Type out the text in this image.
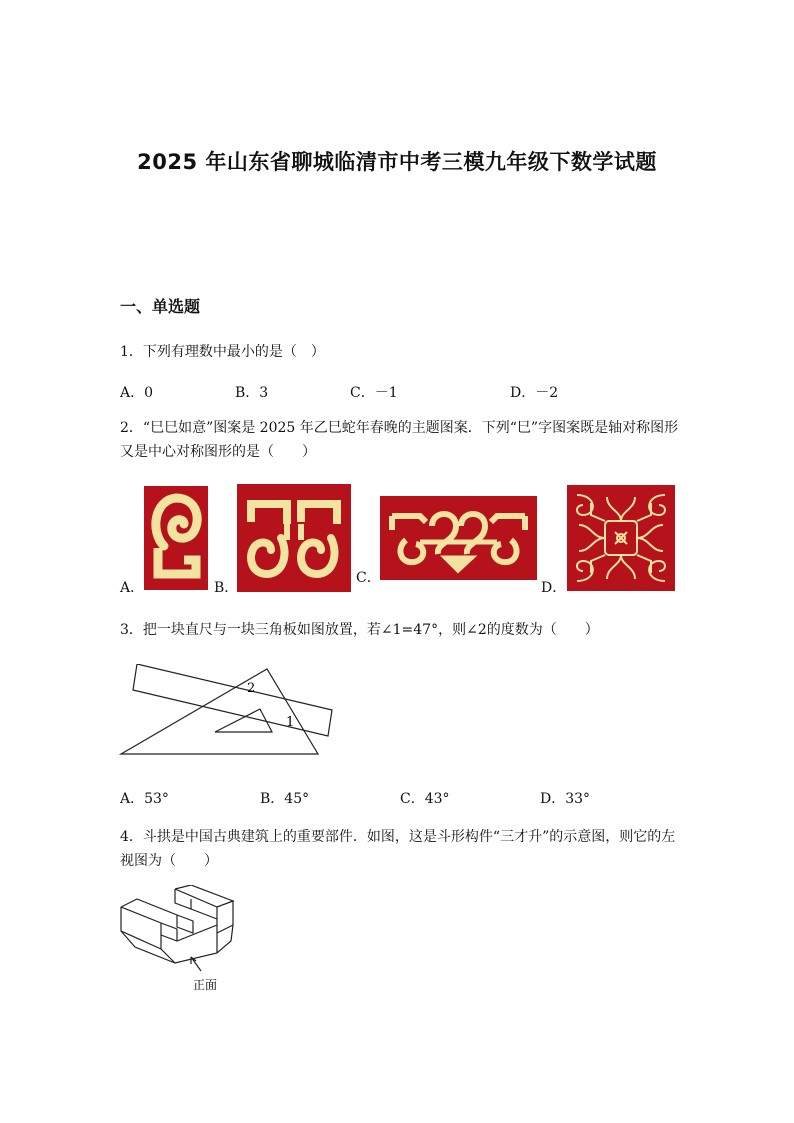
2025 年山东省聊城临清市中考三模九年级下数学试题
一、单选题
1．下列有理数中最小的是（　）
A．0	B．3	C．－1	D．－2
2．“巳巳如意”图案是 2025 年乙巳蛇年春晚的主题图案．下列“巳”字图案既是轴对称图形又是中心对称图形的是（　　）
A．	B．
C．
D．
3．把一块直尺与一块三角板如图放置，若∠1=47°，则∠2的度数为（　　）
2
1
A．53°	B．45°	C．43°	D．33°
4．斗拱是中国古典建筑上的重要部件．如图，这是斗形构件“三才升”的示意图，则它的左视图为（　　）
正面
